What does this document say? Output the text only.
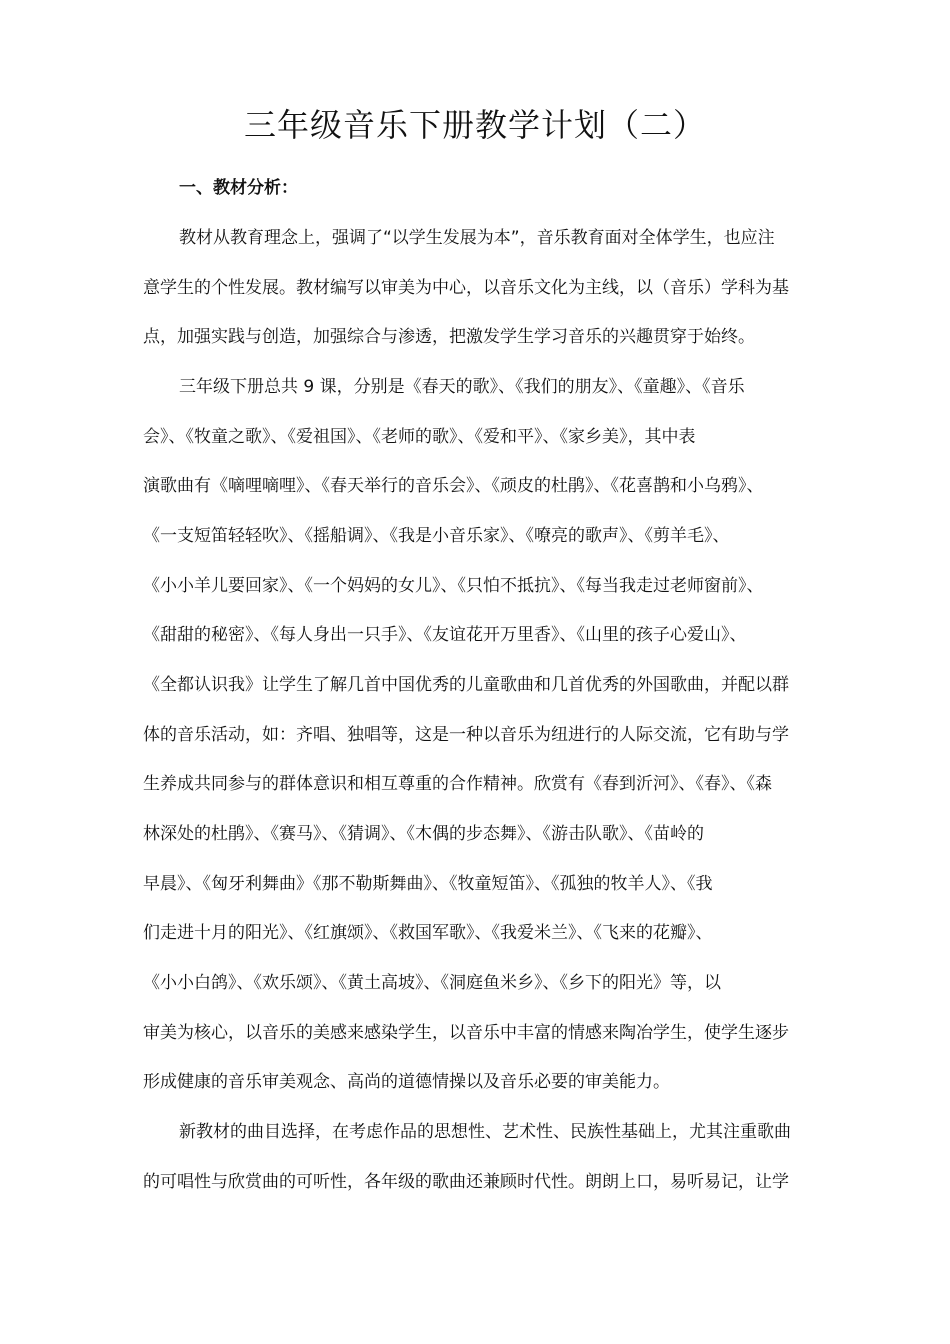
三年级音乐下册教学计划（二）
一、教材分析：
教材从教育理念上，强调了“以学生发展为本”，音乐教育面对全体学生，也应注
意学生的个性发展。教材编写以审美为中心，以音乐文化为主线，以（音乐）学科为基
点，加强实践与创造，加强综合与渗透，把激发学生学习音乐的兴趣贯穿于始终。
三年级下册总共 9 课，分别是《春天的歌》、《我们的朋友》、《童趣》、《音乐
会》、《牧童之歌》、《爱祖国》、《老师的歌》、《爱和平》、《家乡美》，其中表
演歌曲有《嘀哩嘀哩》、《春天举行的音乐会》、《顽皮的杜鹃》、《花喜鹊和小乌鸦》、
《一支短笛轻轻吹》、《摇船调》、《我是小音乐家》、《嘹亮的歌声》、《剪羊毛》、
《小小羊儿要回家》、《一个妈妈的女儿》、《只怕不抵抗》、《每当我走过老师窗前》、
《甜甜的秘密》、《每人身出一只手》、《友谊花开万里香》、《山里的孩子心爱山》、
《全都认识我》让学生了解几首中国优秀的儿童歌曲和几首优秀的外国歌曲，并配以群
体的音乐活动，如：齐唱、独唱等，这是一种以音乐为纽进行的人际交流，它有助与学
生养成共同参与的群体意识和相互尊重的合作精神。欣赏有《春到沂河》、《春》、《森
林深处的杜鹃》、《赛马》、《猜调》、《木偶的步态舞》、《游击队歌》、《苗岭的
早晨》、《匈牙利舞曲》《那不勒斯舞曲》、《牧童短笛》、《孤独的牧羊人》、《我
们走进十月的阳光》、《红旗颂》、《救国军歌》、《我爱米兰》、《飞来的花瓣》、
《小小白鸽》、《欢乐颂》、《黄土高坡》、《洞庭鱼米乡》、《乡下的阳光》等，以
审美为核心，以音乐的美感来感染学生，以音乐中丰富的情感来陶冶学生，使学生逐步
形成健康的音乐审美观念、高尚的道德情操以及音乐必要的审美能力。
新教材的曲目选择，在考虑作品的思想性、艺术性、民族性基础上，尤其注重歌曲
的可唱性与欣赏曲的可听性，各年级的歌曲还兼顾时代性。朗朗上口，易听易记，让学
